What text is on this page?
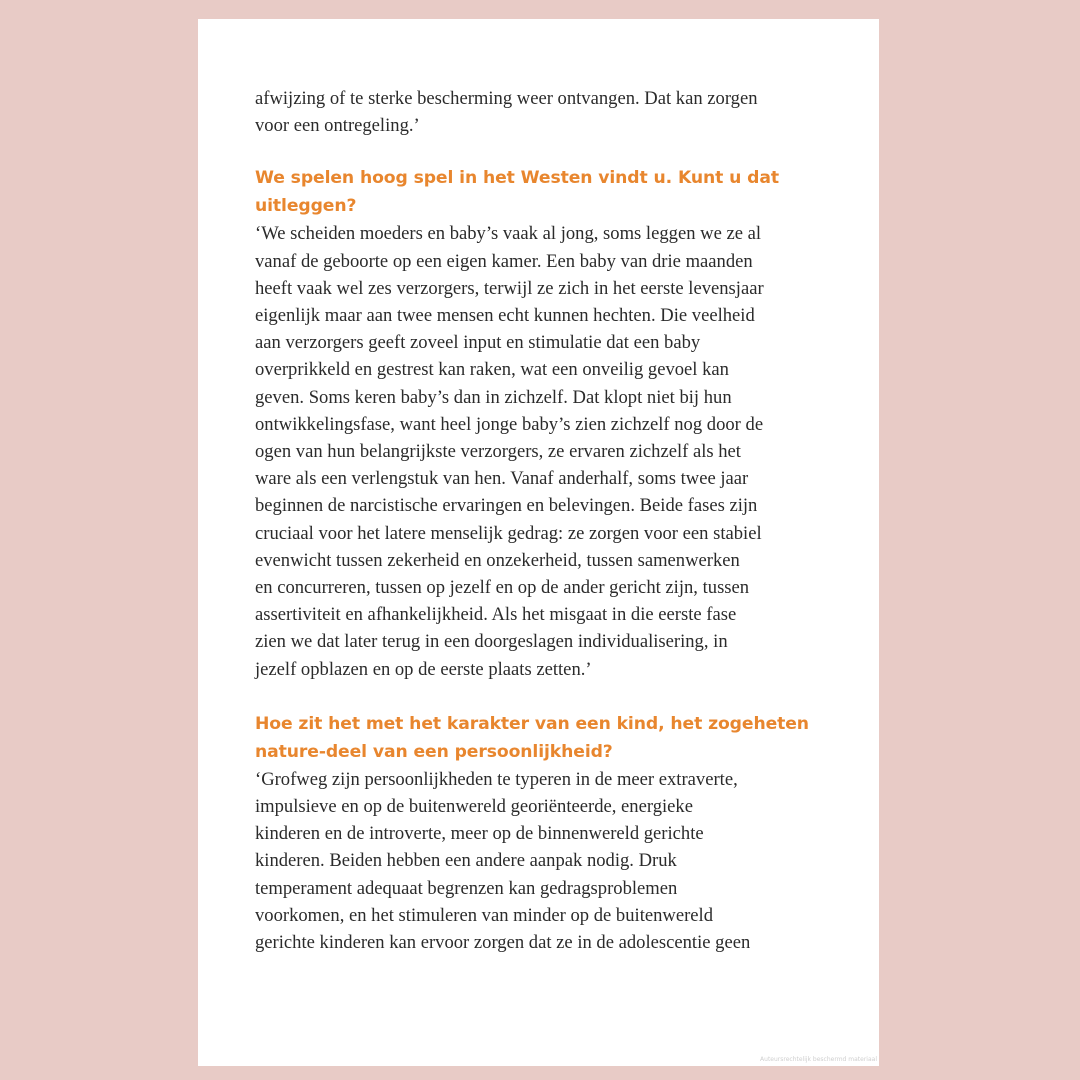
afwijzing of te sterke bescherming weer ontvangen. Dat kan zorgen
voor een ontregeling.’

We spelen hoog spel in het Westen vindt u. Kunt u dat
uitleggen?

‘We scheiden moeders en baby’s vaak al jong, soms leggen we ze al
vanaf de geboorte op een eigen kamer. Een baby van drie maanden
heeft vaak wel zes verzorgers, terwijl ze zich in het eerste levensjaar
eigenlijk maar aan twee mensen echt kunnen hechten. Die veelheid
aan verzorgers geeft zoveel input en stimulatie dat een baby
overprikkeld en gestrest kan raken, wat een onveilig gevoel kan
geven. Soms keren baby’s dan in zichzelf. Dat klopt niet bij hun
ontwikkelingsfase, want heel jonge baby’s zien zichzelf nog door de
ogen van hun belangrijkste verzorgers, ze ervaren zichzelf als het
ware als een verlengstuk van hen. Vanaf anderhalf, soms twee jaar
beginnen de narcistische ervaringen en belevingen. Beide fases zijn
cruciaal voor het latere menselijk gedrag: ze zorgen voor een stabiel
evenwicht tussen zekerheid en onzekerheid, tussen samenwerken
en concurreren, tussen op jezelf en op de ander gericht zijn, tussen
assertiviteit en afhankelijkheid. Als het misgaat in die eerste fase
zien we dat later terug in een doorgeslagen individualisering, in
jezelf opblazen en op de eerste plaats zetten.’

Hoe zit het met het karakter van een kind, het zogeheten
nature-deel van een persoonlijkheid?

‘Grofweg zijn persoonlijkheden te typeren in de meer extraverte,
impulsieve en op de buitenwereld georiënteerde, energieke
kinderen en de introverte, meer op de binnenwereld gerichte
kinderen. Beiden hebben een andere aanpak nodig. Druk
temperament adequaat begrenzen kan gedragsproblemen
voorkomen, en het stimuleren van minder op de buitenwereld
gerichte kinderen kan ervoor zorgen dat ze in de adolescentie geen

Auteursrechtelijk beschermd materiaal
